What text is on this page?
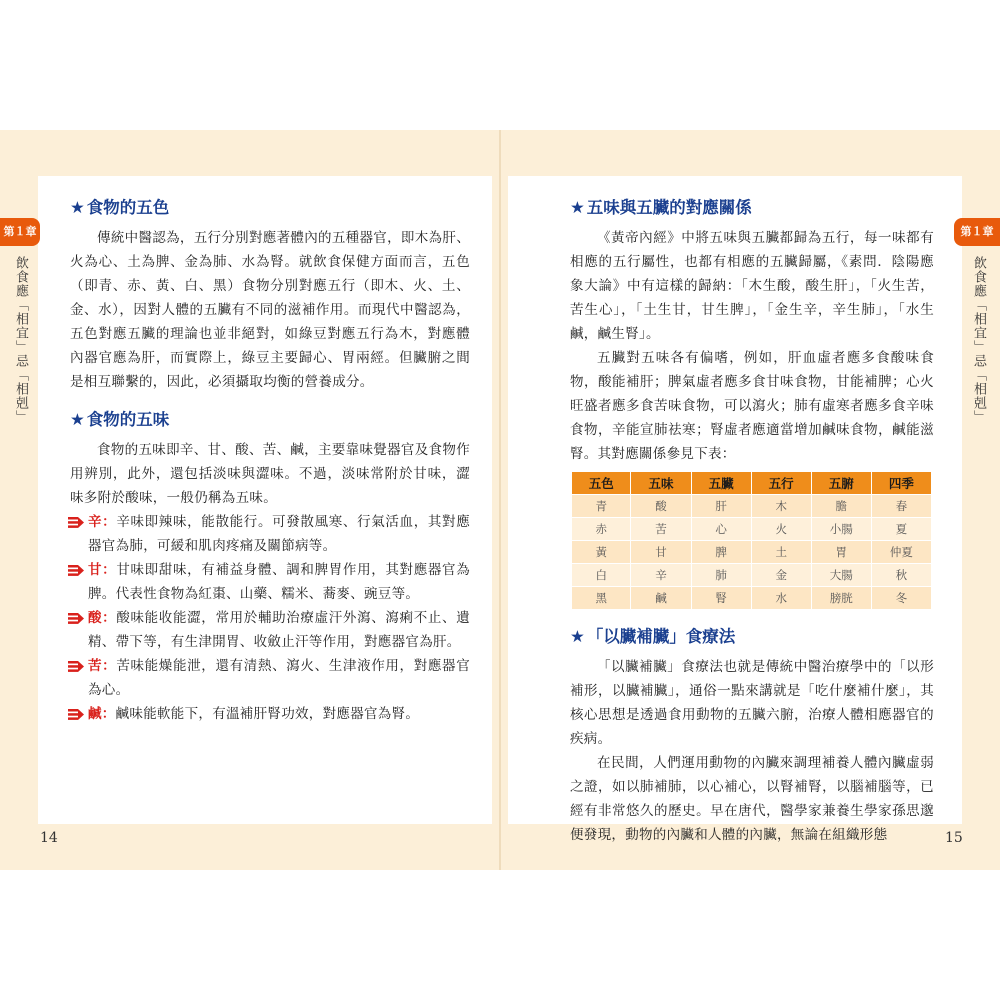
★ 食物的五色

傳統中醫認為，五行分別對應著體內的五種器官，即木為肝、火為心、土為脾、金為肺、水為腎。就飲食保健方面而言，五色（即青、赤、黃、白、黑）食物分別對應五行（即木、火、土、金、水），因對人體的五臟有不同的滋補作用。而現代中醫認為，五色對應五臟的理論也並非絕對，如綠豆對應五行為木，對應體內器官應為肝，而實際上，綠豆主要歸心、胃兩經。但臟腑之間是相互聯繫的，因此，必須攝取均衡的營養成分。

★ 食物的五味

食物的五味即辛、甘、酸、苦、鹹，主要靠味覺器官及食物作用辨別，此外，還包括淡味與澀味。不過，淡味常附於甘味，澀味多附於酸味，一般仍稱為五味。

辛：辛味即辣味，能散能行。可發散風寒、行氣活血，其對應器官為肺，可緩和肌肉疼痛及關節病等。
甘：甘味即甜味，有補益身體、調和脾胃作用，其對應器官為脾。代表性食物為紅棗、山藥、糯米、蕎麥、豌豆等。
酸：酸味能收能澀，常用於輔助治療虛汗外瀉、瀉痢不止、遺精、帶下等，有生津開胃、收斂止汗等作用，對應器官為肝。
苦：苦味能燥能泄，還有清熱、瀉火、生津液作用，對應器官為心。
鹹：鹹味能軟能下，有溫補肝腎功效，對應器官為腎。
★ 五味與五臟的對應關係

《黃帝內經》中將五味與五臟都歸為五行，每一味都有相應的五行屬性，也都有相應的五臟歸屬，《素問．陰陽應象大論》中有這樣的歸納：「木生酸，酸生肝」，「火生苦，苦生心」，「土生甘，甘生脾」，「金生辛，辛生肺」，「水生鹹，鹹生腎」。

五臟對五味各有偏嗜，例如，肝血虛者應多食酸味食物，酸能補肝；脾氣虛者應多食甘味食物，甘能補脾；心火旺盛者應多食苦味食物，可以瀉火；肺有虛寒者應多食辛味食物，辛能宣肺祛寒；腎虛者應適當增加鹹味食物，鹹能滋腎。其對應關係參見下表：

五色	五味	五臟	五行	五腑	四季
青	酸	肝	木	膽	春
赤	苦	心	火	小腸	夏
黃	甘	脾	土	胃	仲夏
白	辛	肺	金	大腸	秋
黑	鹹	腎	水	膀胱	冬
★ 「以臟補臟」食療法

「以臟補臟」食療法也就是傳統中醫治療學中的「以形補形，以臟補臟」，通俗一點來講就是「吃什麼補什麼」，其核心思想是透過食用動物的五臟六腑，治療人體相應器官的疾病。

在民間，人們運用動物的內臟來調理補養人體內臟虛弱之證，如以肺補肺，以心補心，以腎補腎，以腦補腦等，已經有非常悠久的歷史。早在唐代，醫學家兼養生學家孫思邈便發現，動物的內臟和人體的內臟，無論在組織形態

第１章
飲食應「相宜」忌「相剋」
第１章
飲食應「相宜」忌「相剋」
14	15
